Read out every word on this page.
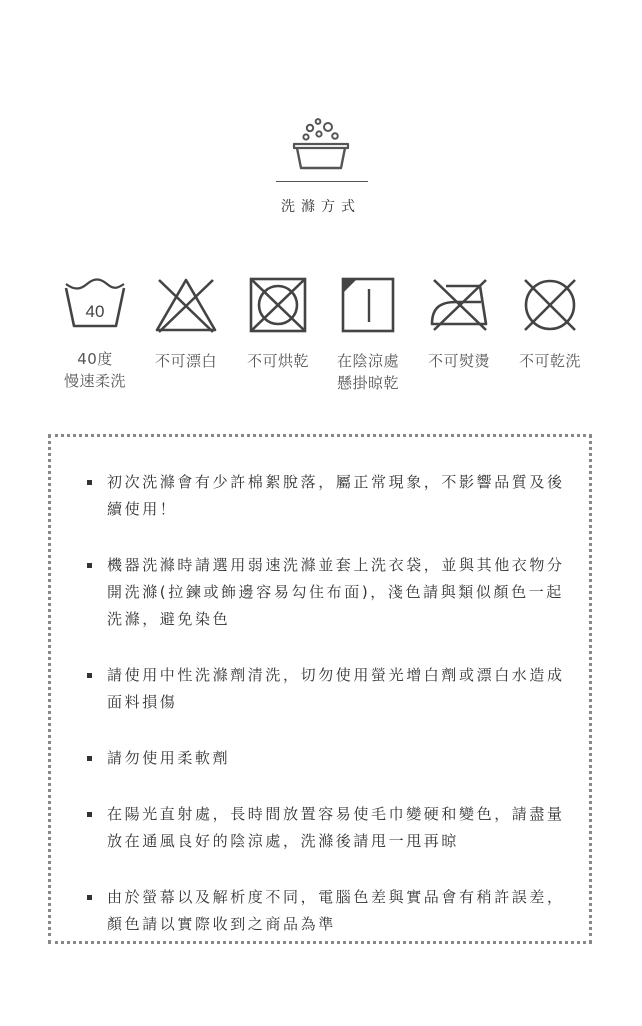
洗滌方式
40
40度
慢速柔洗
不可漂白	不可烘乾	在陰涼處
懸掛晾乾
不可熨燙	不可乾洗
初次洗滌會有少許棉絮脫落，屬正常現象，不影響品質及後續使用！
機器洗滌時請選用弱速洗滌並套上洗衣袋，並與其他衣物分開洗滌(拉鍊或飾邊容易勾住布面)，淺色請與類似顏色一起洗滌，避免染色
請使用中性洗滌劑清洗，切勿使用螢光增白劑或漂白水造成面料損傷
請勿使用柔軟劑
在陽光直射處，長時間放置容易使毛巾變硬和變色，請盡量放在通風良好的陰涼處，洗滌後請甩一甩再晾
由於螢幕以及解析度不同，電腦色差與實品會有稍許誤差，顏色請以實際收到之商品為準
